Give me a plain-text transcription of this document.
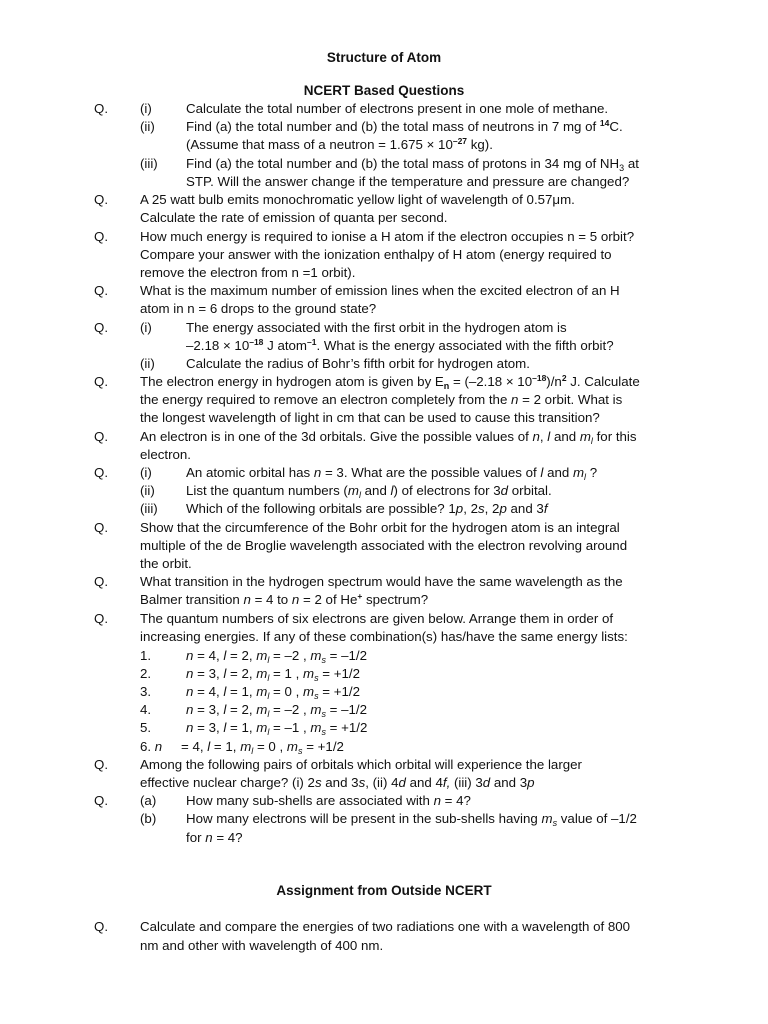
Structure of Atom
NCERT Based Questions
Q. (i)	Calculate the total number of electrons present in one mole of methane.
(ii) Find (a) the total number and (b) the total mass of neutrons in 7 mg of $^{14}$C.
(Assume that mass of a neutron = $1.675 \times 10^{-27}$ kg).
(iii) Find (a) the total number and (b) the total mass of protons in 34 mg of $NH_3$ at
STP. Will the answer change if the temperature and pressure are changed?
Q. A 25 watt bulb emits monochromatic yellow light of wavelength of 0.57μm.
Calculate the rate of emission of quanta per second.
Q. How much energy is required to ionise a H atom if the electron occupies n = 5 orbit?
Compare your answer with the ionization enthalpy of H atom (energy required to
remove the electron from n =1 orbit).
Q. What is the maximum number of emission lines when the excited electron of an H
atom in n = 6 drops to the ground state?
Q. (i)	The energy associated with the first orbit in the hydrogen atom is
$-2.18 \times 10^{-18}$ J atom$^{-1}$. What is the energy associated with the fifth orbit?
(ii) Calculate the radius of Bohr’s fifth orbit for hydrogen atom.
Q. The electron energy in hydrogen atom is given by $E_n = (-2.18 \times 10^{-18})/n^2$ J. Calculate
the energy required to remove an electron completely from the n = 2 orbit. What is
the longest wavelength of light in cm that can be used to cause this transition?
Q. An electron is in one of the 3d orbitals. Give the possible values of n, l and $m_l$ for this
electron.
Q. (i)	An atomic orbital has n = 3. What are the possible values of l and $m_l$ ?
(ii) List the quantum numbers ($m_l$ and l) of electrons for 3d orbital.
(iii) Which of the following orbitals are possible? 1p, 2s, 2p and 3f
Q. Show that the circumference of the Bohr orbit for the hydrogen atom is an integral
multiple of the de Broglie wavelength associated with the electron revolving around
the orbit.
Q. What transition in the hydrogen spectrum would have the same wavelength as the
Balmer transition n = 4 to n = 2 of He+ spectrum?
Q. The quantum numbers of six electrons are given below. Arrange them in order of
increasing energies. If any of these combination(s) has/have the same energy lists:
1.	n = 4, l = 2, $m_l = -2$ , $m_s = -1/2$
2.	n = 3, l = 2, $m_l = 1$ , $m_s = +1/2$
3.	n = 4, l = 1, $m_l = 0$ , $m_s = +1/2$
4.	n = 3, l = 2, $m_l = -2$ , $m_s = -1/2$
5.	n = 3, l = 1, $m_l = -1$ , $m_s = +1/2$
6. n = 4, l = 1, $m_l = 0$ , $m_s = +1/2$
Q. Among the following pairs of orbitals which orbital will experience the larger
effective nuclear charge? (i) 2s and 3s, (ii) 4d and 4f, (iii) 3d and 3p
Q. (a) How many sub-shells are associated with n = 4?
(b) How many electrons will be present in the sub-shells having $m_s$ value of –1/2
for n = 4?
Assignment from Outside NCERT
Q. Calculate and compare the energies of two radiations one with a wavelength of 800
nm and other with wavelength of 400 nm.
